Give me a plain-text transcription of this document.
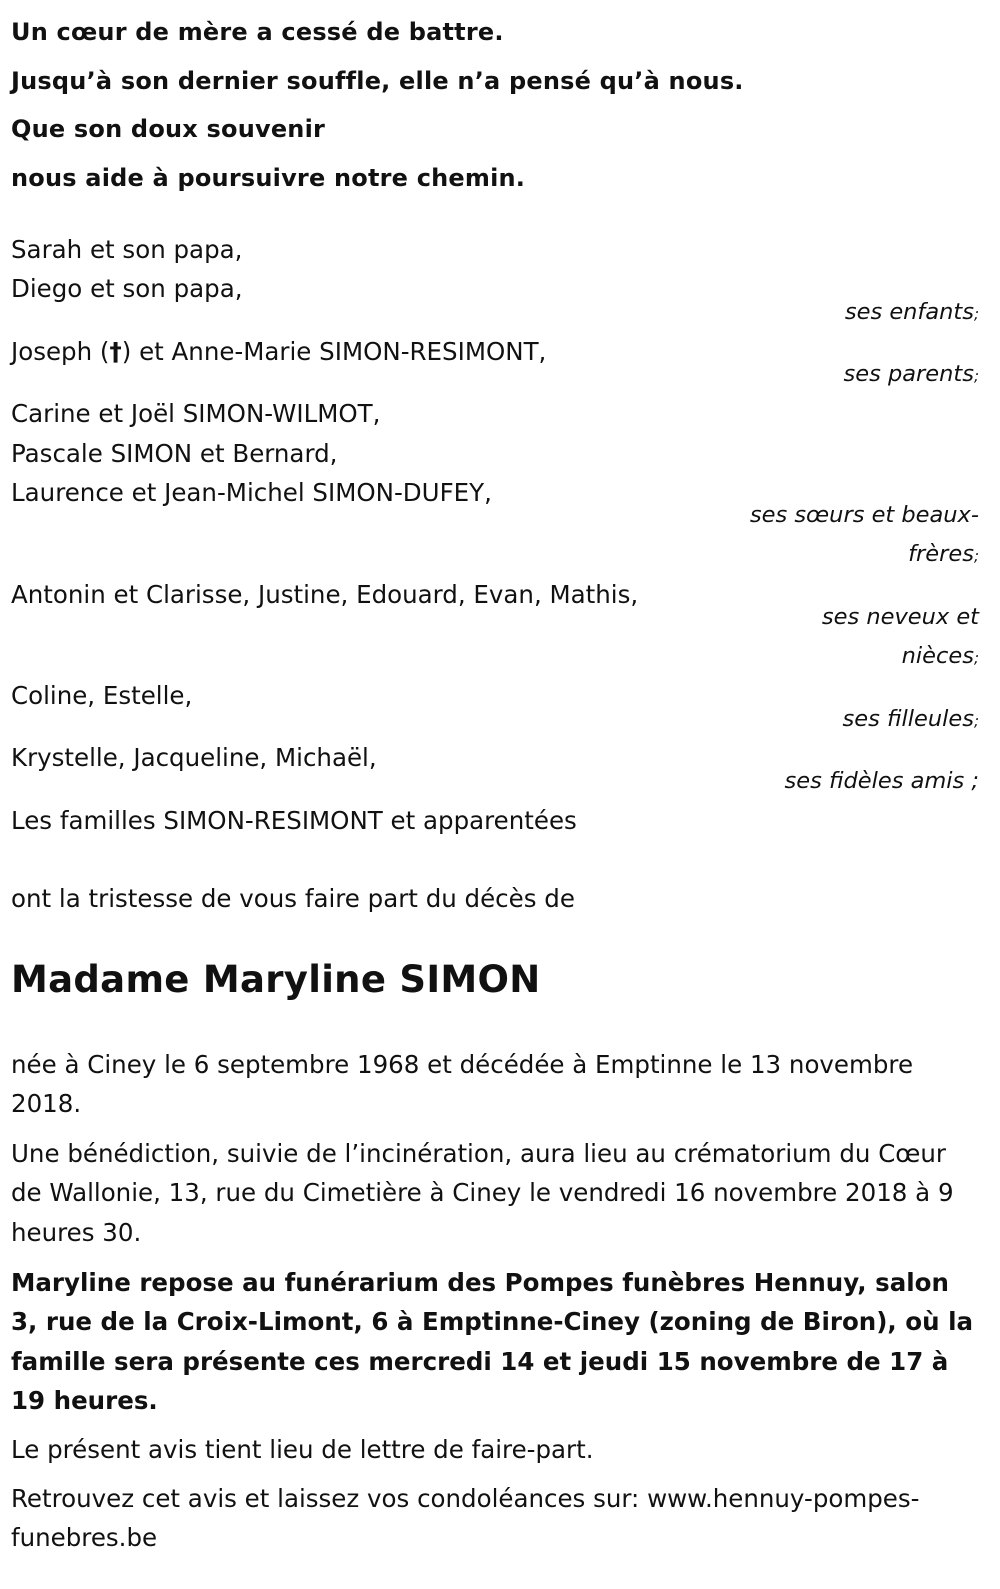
Un cœur de mère a cessé de battre.
Jusqu’à son dernier souffle, elle n’a pensé qu’à nous.
Que son doux souvenir
nous aide à poursuivre notre chemin.
Sarah et son papa,
Diego et son papa,
ses enfants;
Joseph (†) et Anne-Marie SIMON-RESIMONT,
ses parents;
Carine et Joël SIMON-WILMOT,
Pascale SIMON et Bernard,
Laurence et Jean-Michel SIMON-DUFEY,
ses sœurs et beaux-
frères;
Antonin et Clarisse, Justine, Edouard, Evan, Mathis,
ses neveux et
nièces;
Coline, Estelle,
ses filleules;
Krystelle, Jacqueline, Michaël,
ses fidèles amis ;
Les familles SIMON-RESIMONT et apparentées
ont la tristesse de vous faire part du décès de
Madame Maryline SIMON
née à Ciney le 6 septembre 1968 et décédée à Emptinne le 13 novembre 2018.
Une bénédiction, suivie de l’incinération, aura lieu au crématorium du Cœur de Wallonie, 13, rue du Cimetière à Ciney le vendredi 16 novembre 2018 à 9 heures 30.
Maryline repose au funérarium des Pompes funèbres Hennuy, salon 3, rue de la Croix-Limont, 6 à Emptinne-Ciney (zoning de Biron), où la famille sera présente ces mercredi 14 et jeudi 15 novembre de 17 à 19 heures.
Le présent avis tient lieu de lettre de faire-part.
Retrouvez cet avis et laissez vos condoléances sur: www.hennuy-pompes-funebres.be
